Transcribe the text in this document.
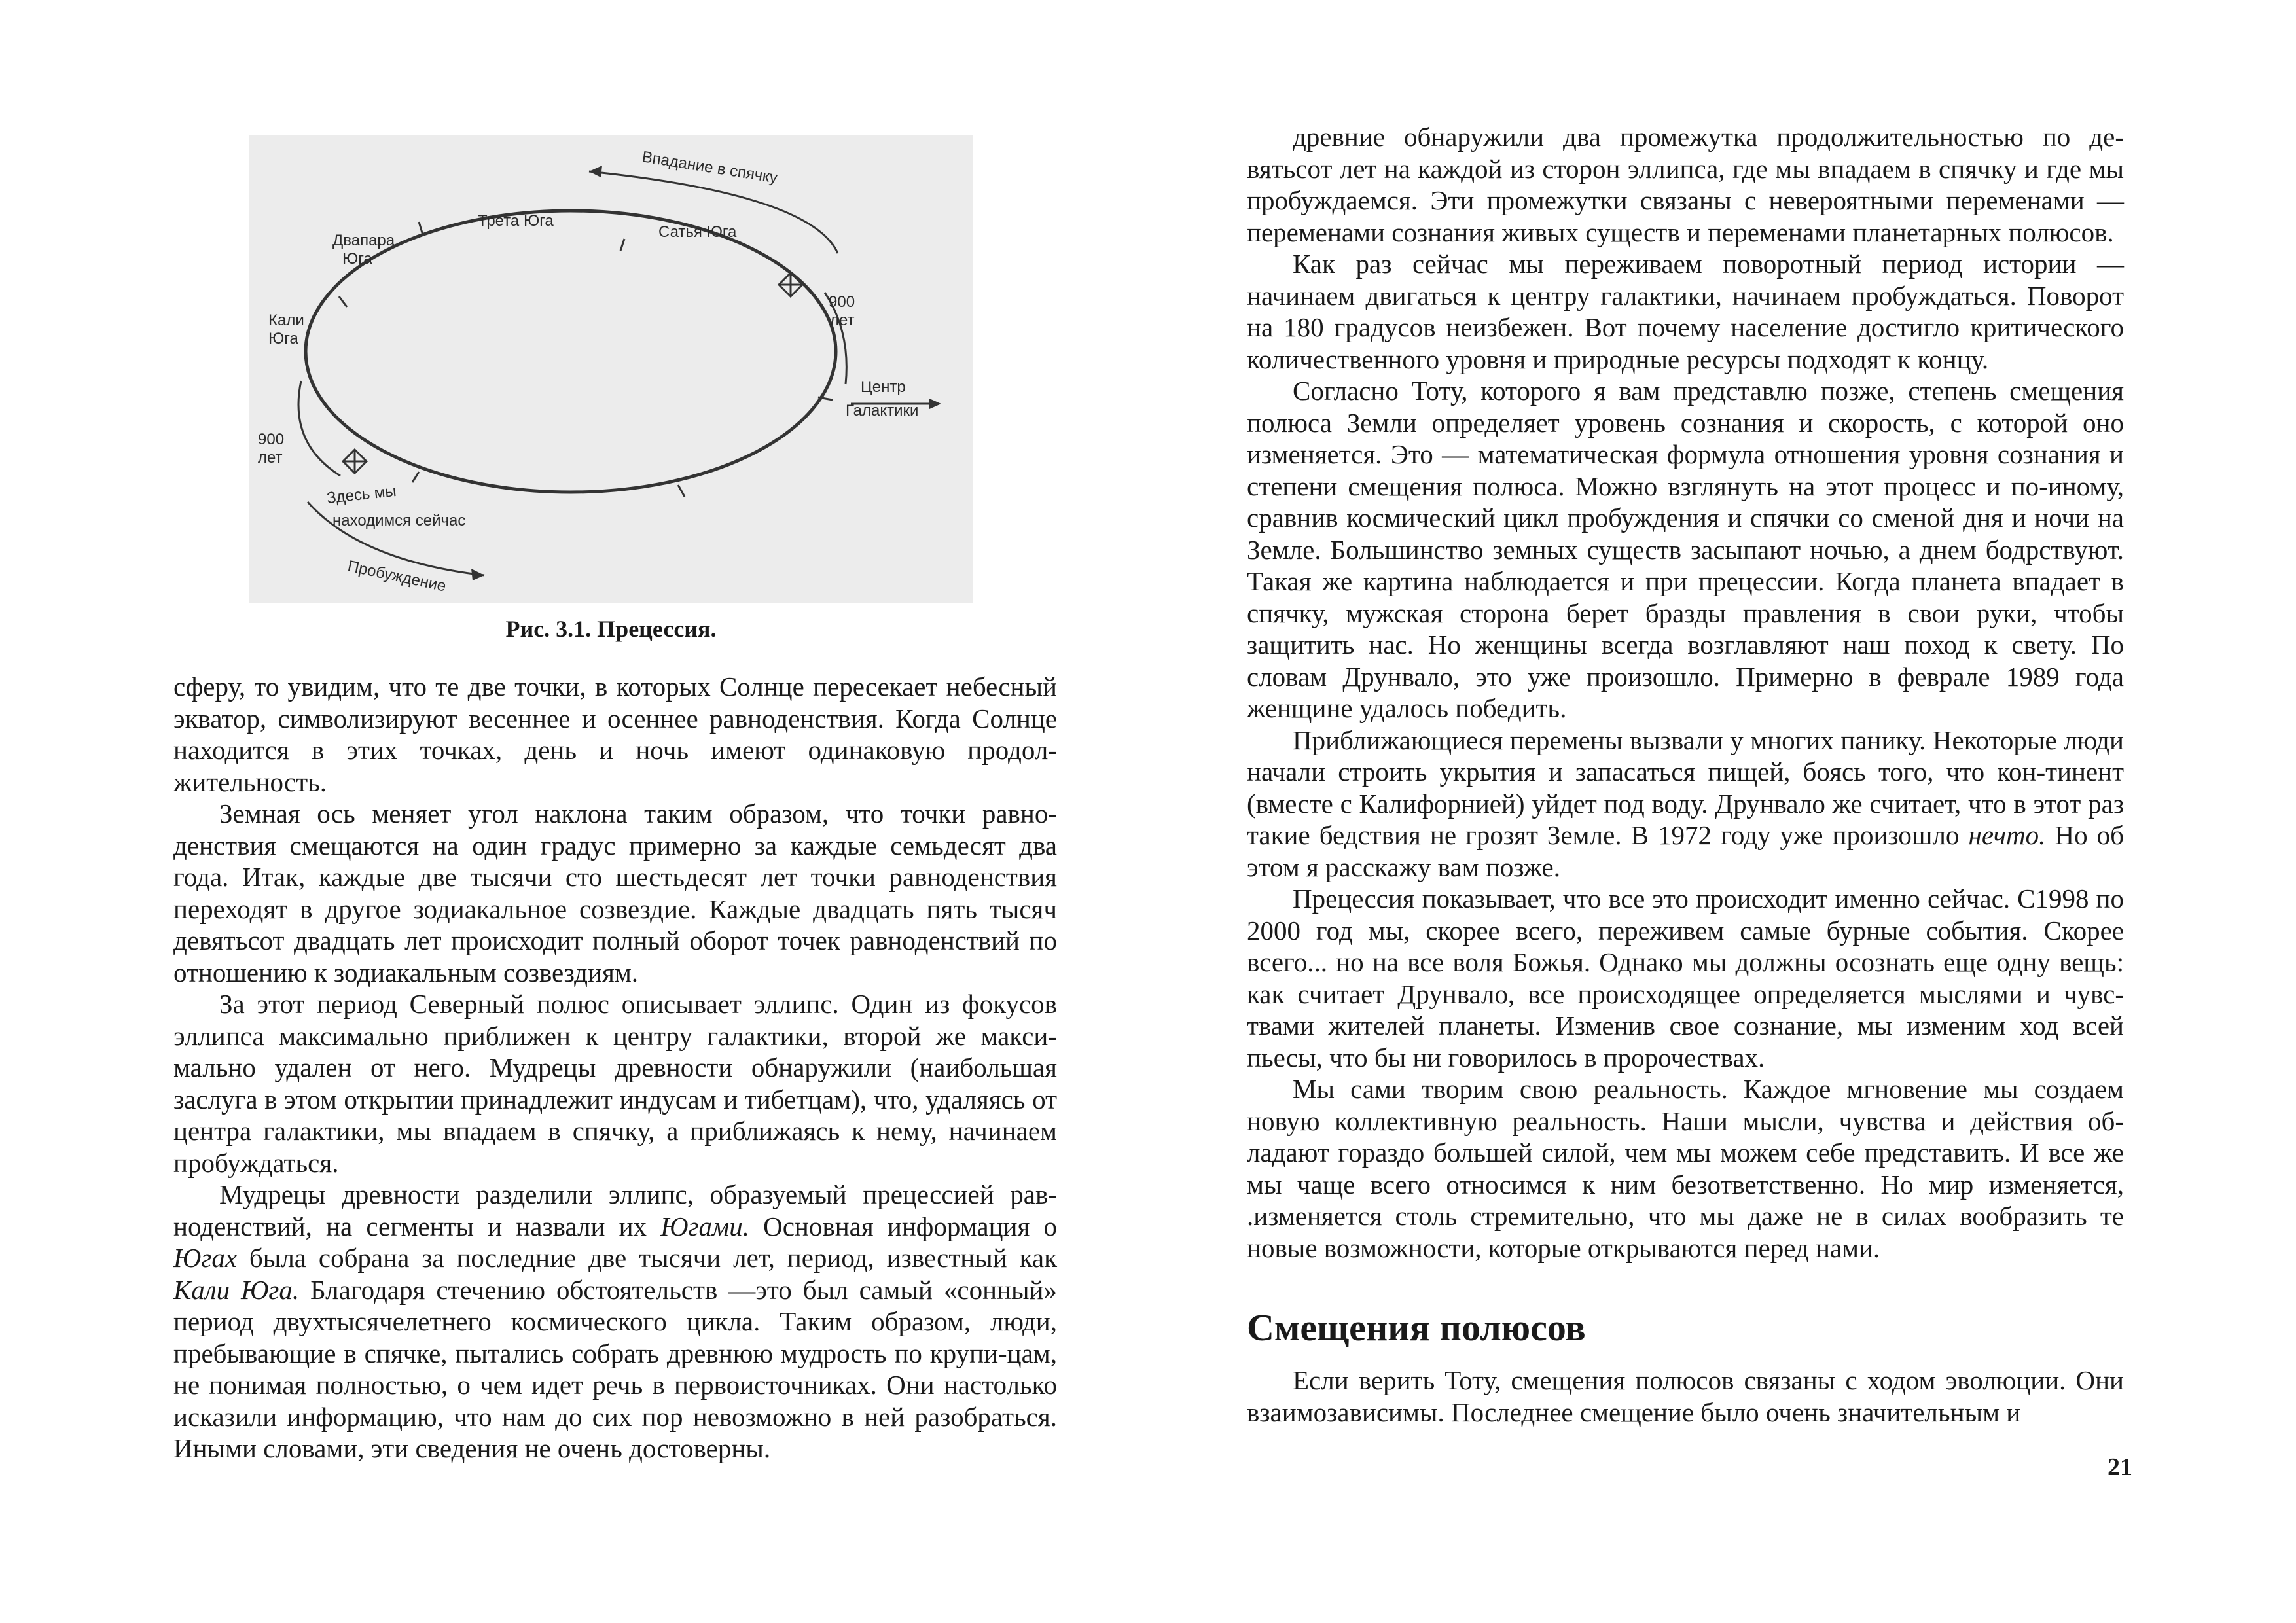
Впадание в спячку
Трета Юга
Сатья Юга
Двапара
Юга
Кали
Юга
900
лет
Центр
Галактики
900
лет
Здесь мы
находимся сейчас
Пробуждение
Рис. 3.1. Прецессия.

сферу, то увидим, что те две точки, в которых Солнце пересекает небесный экватор, символизируют весеннее и осеннее равноденствия. Когда Солнце находится в этих точках, день и ночь имеют одинаковую продол-жительность.

Земная ось меняет угол наклона таким образом, что точки равно-денствия смещаются на один градус примерно за каждые семьдесят два года. Итак, каждые две тысячи сто шестьдесят лет точки равноденствия переходят в другое зодиакальное созвездие. Каждые двадцать пять тысяч девятьсот двадцать лет происходит полный оборот точек равноденствий по отношению к зодиакальным созвездиям.

За этот период Северный полюс описывает эллипс. Один из фокусов эллипса максимально приближен к центру галактики, второй же макси-мально удален от него. Мудрецы древности обнаружили (наибольшая заслуга в этом открытии принадлежит индусам и тибетцам), что, удаляясь от центра галактики, мы впадаем в спячку, а приближаясь к нему, начинаем пробуждаться.

Мудрецы древности разделили эллипс, образуемый прецессией рав-ноденствий, на сегменты и назвали их Югами. Основная информация о Югах была собрана за последние две тысячи лет, период, известный как Кали Юга. Благодаря стечению обстоятельств —это был самый «сонный» период двухтысячелетнего космического цикла. Таким образом, люди, пребывающие в спячке, пытались собрать древнюю мудрость по крупи-цам, не понимая полностью, о чем идет речь в первоисточниках. Они настолько исказили информацию, что нам до сих пор невозможно в ней разобраться. Иными словами, эти сведения не очень достоверны.

древние обнаружили два промежутка продолжительностью по де-вятьсот лет на каждой из сторон эллипса, где мы впадаем в спячку и где мы пробуждаемся. Эти промежутки связаны с невероятными переменами — переменами сознания живых существ и переменами планетарных полюсов.

Как раз сейчас мы переживаем поворотный период истории — начинаем двигаться к центру галактики, начинаем пробуждаться. Поворот на 180 градусов неизбежен. Вот почему население достигло критического количественного уровня и природные ресурсы подходят к концу.

Согласно Тоту, которого я вам представлю позже, степень смещения полюса Земли определяет уровень сознания и скорость, с которой оно изменяется. Это — математическая формула отношения уровня сознания и степени смещения полюса. Можно взглянуть на этот процесс и по-иному, сравнив космический цикл пробуждения и спячки со сменой дня и ночи на Земле. Большинство земных существ засыпают ночью, а днем бодрствуют. Такая же картина наблюдается и при прецессии. Когда планета впадает в спячку, мужская сторона берет бразды правления в свои руки, чтобы защитить нас. Но женщины всегда возглавляют наш поход к свету. По словам Друнвало, это уже произошло. Примерно в феврале 1989 года женщине удалось победить.

Приближающиеся перемены вызвали у многих панику. Некоторые люди начали строить укрытия и запасаться пищей, боясь того, что кон-тинент (вместе с Калифорнией) уйдет под воду. Друнвало же считает, что в этот раз такие бедствия не грозят Земле. В 1972 году уже произошло нечто. Но об этом я расскажу вам позже.

Прецессия показывает, что все это происходит именно сейчас. С1998 по 2000 год мы, скорее всего, переживем самые бурные события. Скорее всего... но на все воля Божья. Однако мы должны осознать еще одну вещь: как считает Друнвало, все происходящее определяется мыслями и чувс-твами жителей планеты. Изменив свое сознание, мы изменим ход всей пьесы, что бы ни говорилось в пророчествах.

Мы сами творим свою реальность. Каждое мгновение мы создаем новую коллективную реальность. Наши мысли, чувства и действия об-ладают гораздо большей силой, чем мы можем себе представить. И все же мы чаще всего относимся к ним безответственно. Но мир изменяется, .изменяется столь стремительно, что мы даже не в силах вообразить те новые возможности, которые открываются перед нами.

Смещения полюсов

Если верить Тоту, смещения полюсов связаны с ходом эволюции. Они взаимозависимы. Последнее смещение было очень значительным и

21
